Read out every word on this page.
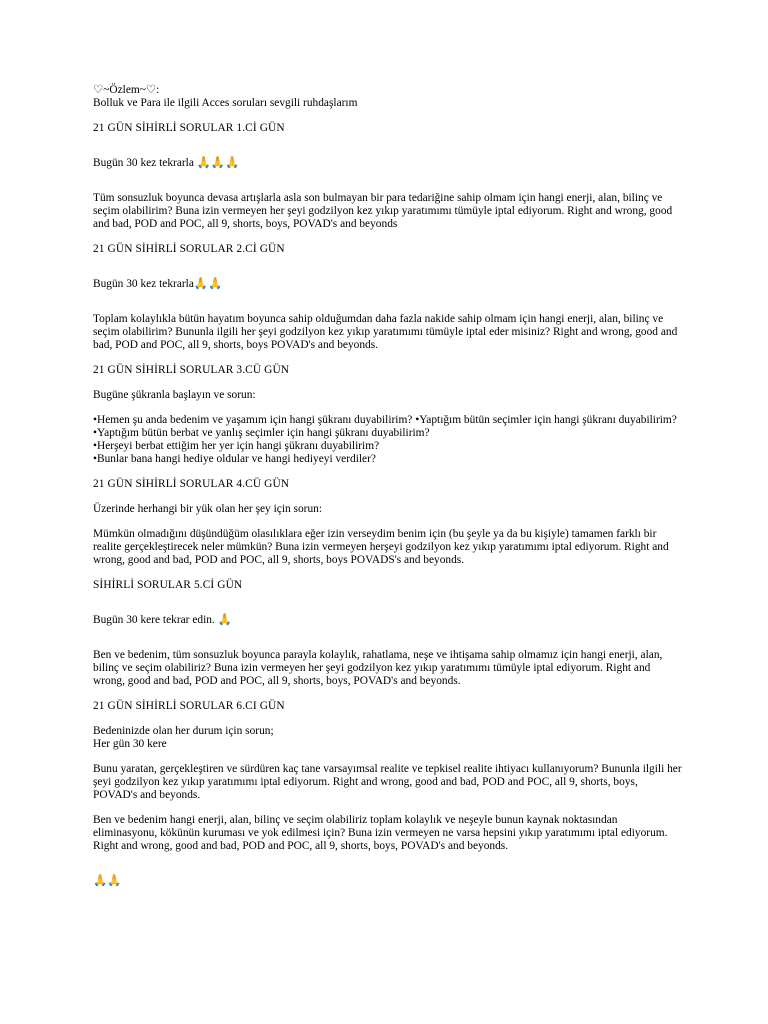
♡~Özlem~♡:

Bolluk ve Para ile ilgili Acces soruları sevgili ruhdaşlarım

21 GÜN SİHİRLİ SORULAR 1.Cİ GÜN

Bugün 30 kez tekrarla 🙏🙏🙏

Tüm sonsuzluk boyunca devasa artışlarla asla son bulmayan bir para tedariğine sahip olmam için hangi enerji, alan, bilinç ve seçim olabilirim? Buna izin vermeyen her şeyi godzilyon kez yıkıp yaratımımı tümüyle iptal ediyorum. Right and wrong, good and bad, POD and POC, all 9, shorts, boys, POVAD's and beyonds

21 GÜN SİHİRLİ SORULAR 2.Cİ GÜN

Bugün 30 kez tekrarla🙏🙏

Toplam kolaylıkla bütün hayatım boyunca sahip olduğumdan daha fazla nakide sahip olmam için hangi enerji, alan, bilinç ve seçim olabilirim? Bununla ilgili her şeyi godzilyon kez yıkıp yaratımımı tümüyle iptal eder misiniz? Right and wrong, good and bad, POD and POC, all 9, shorts, boys POVAD's and beyonds.

21 GÜN SİHİRLİ SORULAR 3.CÜ GÜN

Bugüne şükranla başlayın ve sorun:

•Hemen şu anda bedenim ve yaşamım için hangi şükranı duyabilirim? •Yaptığım bütün seçimler için hangi şükranı duyabilirim?

•Yaptığım bütün berbat ve yanlış seçimler için hangi şükranı duyabilirim?

•Herşeyi berbat ettiğim her yer için hangi şükranı duyabilirim?

•Bunlar bana hangi hediye oldular ve hangi hediyeyi verdiler?

21 GÜN SİHİRLİ SORULAR 4.CÜ GÜN

Üzerinde herhangi bir yük olan her şey için sorun:

Mümkün olmadığını düşündüğüm olasılıklara eğer izin verseydim benim için (bu şeyle ya da bu kişiyle) tamamen farklı bir realite gerçekleştirecek neler mümkün? Buna izin vermeyen herşeyi godzilyon kez yıkıp yaratımımı iptal ediyorum. Right and wrong, good and bad, POD and POC, all 9, shorts, boys POVADS's and beyonds.

SİHİRLİ SORULAR 5.Cİ GÜN

Bugün 30 kere tekrar edin. 🙏

Ben ve bedenim, tüm sonsuzluk boyunca parayla kolaylık, rahatlama, neşe ve ihtişama sahip olmamız için hangi enerji, alan, bilinç ve seçim olabiliriz? Buna izin vermeyen her şeyi godzilyon kez yıkıp yaratımımı tümüyle iptal ediyorum. Right and wrong, good and bad, POD and POC, all 9, shorts, boys, POVAD's and beyonds.

21 GÜN SİHİRLİ SORULAR 6.CI GÜN

Bedeninizde olan her durum için sorun;

Her gün 30 kere

Bunu yaratan, gerçekleştiren ve sürdüren kaç tane varsayımsal realite ve tepkisel realite ihtiyacı kullanıyorum? Bununla ilgili her şeyi godzilyon kez yıkıp yaratımımı iptal ediyorum. Right and wrong, good and bad, POD and POC, all 9, shorts, boys, POVAD's and beyonds.

Ben ve bedenim hangi enerji, alan, bilinç ve seçim olabiliriz toplam kolaylık ve neşeyle bunun kaynak noktasından eliminasyonu, kökünün kuruması ve yok edilmesi için? Buna izin vermeyen ne varsa hepsini yıkıp yaratımımı iptal ediyorum. Right and wrong, good and bad, POD and POC, all 9, shorts, boys, POVAD's and beyonds.

🙏🙏
